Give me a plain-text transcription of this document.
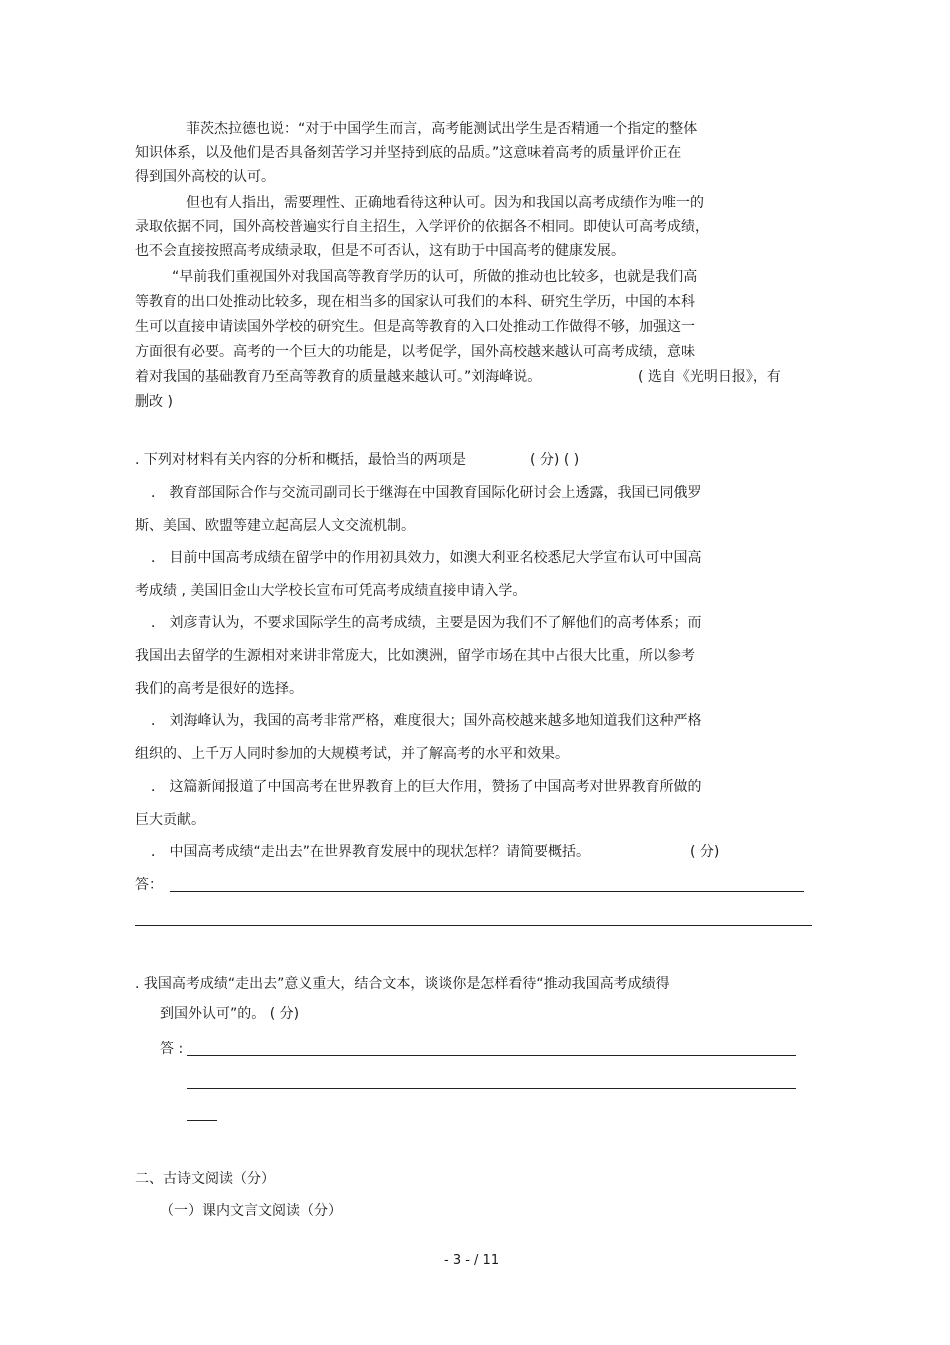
菲茨杰拉德也说：“对于中国学生而言，高考能测试出学生是否精通一个指定的整体
知识体系，以及他们是否具备刻苦学习并坚持到底的品质。”这意味着高考的质量评价正在
得到国外高校的认可。
但也有人指出，需要理性、正确地看待这种认可。因为和我国以高考成绩作为唯一的
录取依据不同，国外高校普遍实行自主招生，入学评价的依据各不相同。即使认可高考成绩，
也不会直接按照高考成绩录取，但是不可否认，这有助于中国高考的健康发展。
“早前我们重视国外对我国高等教育学历的认可，所做的推动也比较多，也就是我们高
等教育的出口处推动比较多，现在相当多的国家认可我们的本科、研究生学历，中国的本科
生可以直接申请读国外学校的研究生。但是高等教育的入口处推动工作做得不够，加强这一
方面很有必要。高考的一个巨大的功能是，以考促学，国外高校越来越认可高考成绩，意味
着对我国的基础教育乃至高等教育的质量越来越认可。”刘海峰说。	( 选自《光明日报》，有
删改 )
. 下列对材料有关内容的分析和概括，最恰当的两项是	( 分) ( )
． 教育部国际合作与交流司副司长于继海在中国教育国际化研讨会上透露，我国已同俄罗
斯、美国、欧盟等建立起高层人文交流机制。
． 目前中国高考成绩在留学中的作用初具效力，如澳大利亚名校悉尼大学宣布认可中国高
考成绩 , 美国旧金山大学校长宣布可凭高考成绩直接申请入学。
． 刘彦青认为，不要求国际学生的高考成绩，主要是因为我们不了解他们的高考体系；而
我国出去留学的生源相对来讲非常庞大，比如澳洲，留学市场在其中占很大比重，所以参考
我们的高考是很好的选择。
． 刘海峰认为，我国的高考非常严格，难度很大；国外高校越来越多地知道我们这种严格
组织的、上千万人同时参加的大规模考试，并了解高考的水平和效果。
． 这篇新闻报道了中国高考在世界教育上的巨大作用，赞扬了中国高考对世界教育所做的
巨大贡献。
． 中国高考成绩“走出去”在世界教育发展中的现状怎样？请简要概括。	( 分)
答：
. 我国高考成绩“走出去”意义重大，结合文本，谈谈你是怎样看待“推动我国高考成绩得
到国外认可”的。 ( 分)
答 :
二、古诗文阅读（分）
（一）课内文言文阅读（分）
- 3 - / 11
